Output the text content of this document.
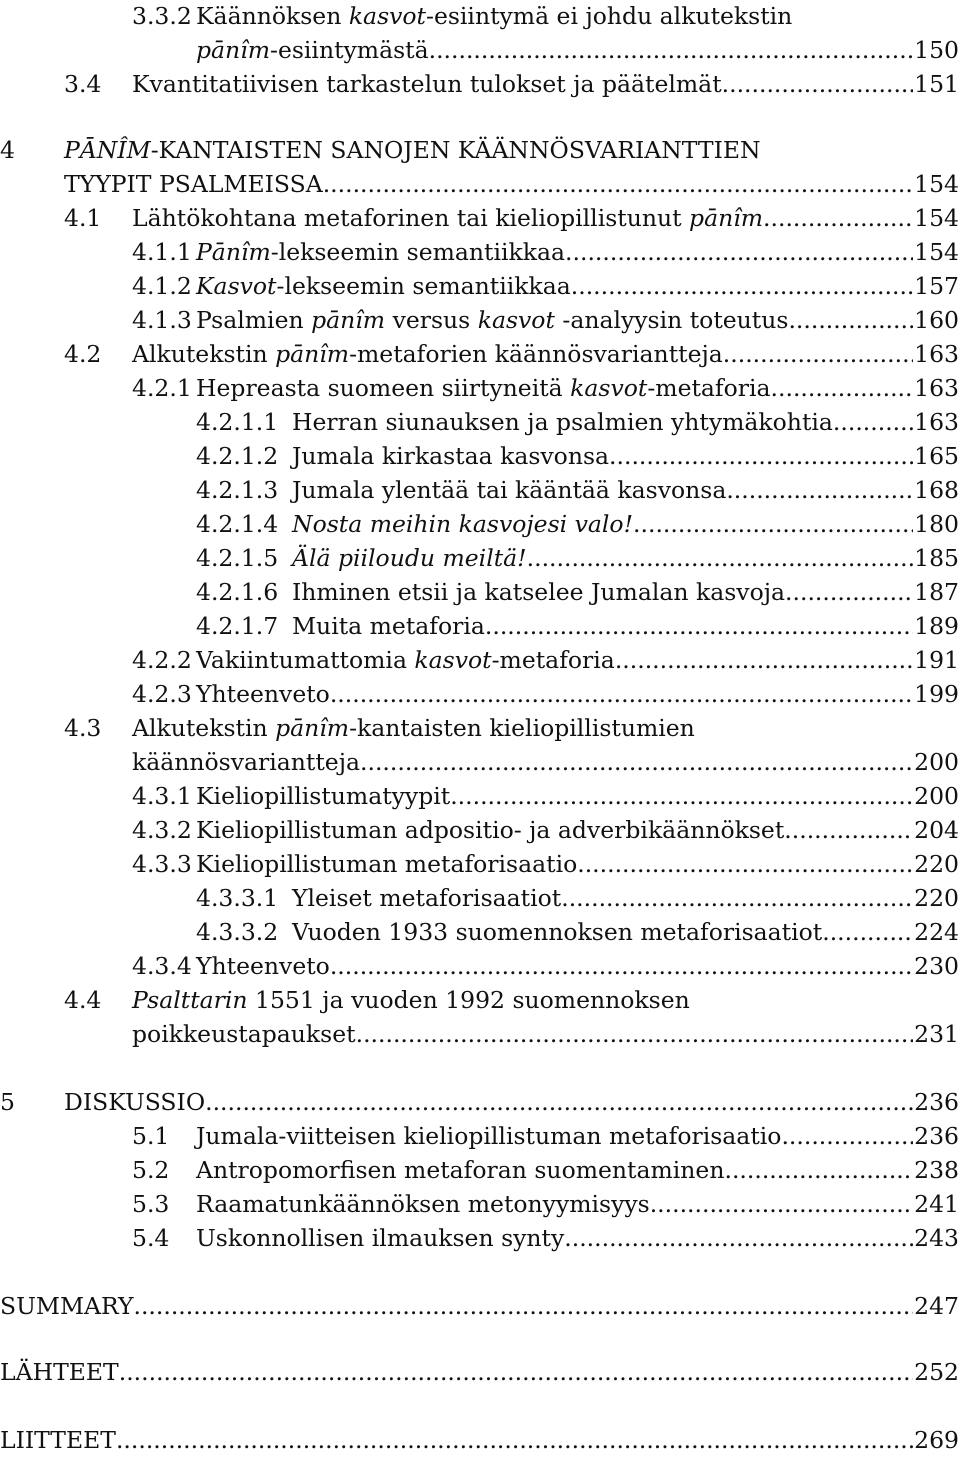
3.3.2 Käännöksen kasvot-esiintymä ei johdu alkutekstin
pānîm-esiintymästä .....	150
3.4	Kvantitatiivisen tarkastelun tulokset ja päätelmät .....	151
4	PĀNÎM-KANTAISTEN SANOJEN KÄÄNNÖSVARIANTTIEN
TYYPIT PSALMEISSA .....	154
4.1	Lähtökohtana metaforinen tai kieliopillistunut pānîm .....	154
4.1.1 Pānîm-lekseemin semantiikkaa .....	154
4.1.2 Kasvot-lekseemin semantiikkaa .....	157
4.1.3 Psalmien pānîm versus kasvot -analyysin toteutus .....	160
4.2	Alkutekstin pānîm-metaforien käännösvariantteja .....	163
4.2.1 Hepreasta suomeen siirtyneitä kasvot-metaforia .....	163
4.2.1.1 Herran siunauksen ja psalmien yhtymäkohtia .....	163
4.2.1.2 Jumala kirkastaa kasvonsa .....	165
4.2.1.3 Jumala ylentää tai kääntää kasvonsa .....	168
4.2.1.4 Nosta meihin kasvojesi valo! .....	180
4.2.1.5 Älä piiloudu meiltä! .....	185
4.2.1.6 Ihminen etsii ja katselee Jumalan kasvoja .....	187
4.2.1.7 Muita metaforia .....	189
4.2.2 Vakiintumattomia kasvot-metaforia .....	191
4.2.3 Yhteenveto .....	199
4.3	Alkutekstin pānîm-kantaisten kieliopillistumien
käännösvariantteja .....	200
4.3.1 Kieliopillistumatyypit .....	200
4.3.2 Kieliopillistuman adpositio- ja adverbikäännökset .....	204
4.3.3 Kieliopillistuman metaforisaatio .....	220
4.3.3.1 Yleiset metaforisaatiot .....	220
4.3.3.2 Vuoden 1933 suomennoksen metaforisaatiot .....	224
4.3.4 Yhteenveto .....	230
4.4	Psalttarin 1551 ja vuoden 1992 suomennoksen
poikkeustapaukset .....	231
5	DISKUSSIO .....	236
5.1	Jumala-viitteisen kieliopillistuman metaforisaatio .....	236
5.2	Antropomorfisen metaforan suomentaminen .....	238
5.3	Raamatunkäännöksen metonyymisyys .....	241
5.4	Uskonnollisen ilmauksen synty .....	243
SUMMARY .....	247
LÄHTEET .....	252
LIITTEET .....	269
